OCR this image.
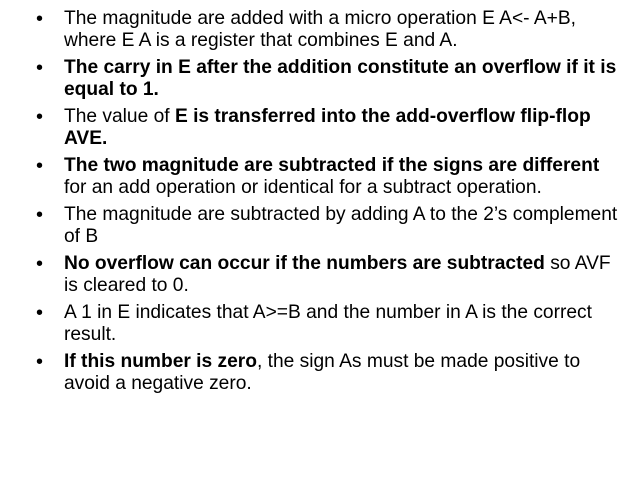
• The magnitude are added with a micro operation E A<- A+B, where E A is a register that combines E and A.
• The carry in E after the addition constitute an overflow if it is equal to 1.
• The value of E is transferred into the add-overflow flip-flop AVE.
• The two magnitude are subtracted if the signs are different for an add operation or identical for a subtract operation.
• The magnitude are subtracted by adding A to the 2’s complement of B
• No overflow can occur if the numbers are subtracted so AVF is cleared to 0.
• A 1 in E indicates that A>=B and the number in A is the correct result.
• If this number is zero, the sign As must be made positive to avoid a negative zero.
